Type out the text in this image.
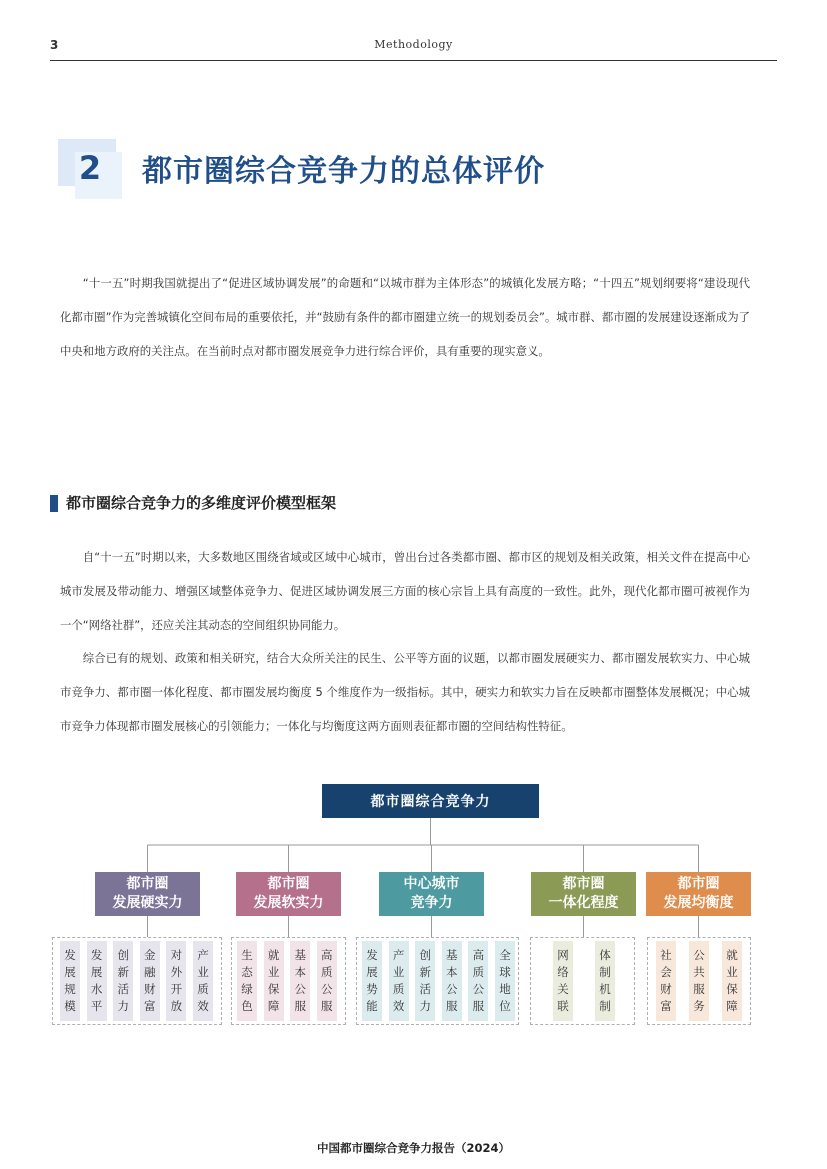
3	Methodology
2	都市圈综合竞争力的总体评价

“十一五”时期我国就提出了“促进区域协调发展”的命题和“以城市群为主体形态”的城镇化发展方略；“十四五”规划纲要将“建设现代化都市圈”作为完善城镇化空间布局的重要依托，并“鼓励有条件的都市圈建立统一的规划委员会”。城市群、都市圈的发展建设逐渐成为了中央和地方政府的关注点。在当前时点对都市圈发展竞争力进行综合评价，具有重要的现实意义。

都市圈综合竞争力的多维度评价模型框架

自“十一五”时期以来，大多数地区围绕省域或区域中心城市，曾出台过各类都市圈、都市区的规划及相关政策，相关文件在提高中心城市发展及带动能力、增强区域整体竞争力、促进区域协调发展三方面的核心宗旨上具有高度的一致性。此外，现代化都市圈可被视作为一个“网络社群”，还应关注其动态的空间组织协同能力。

综合已有的规划、政策和相关研究，结合大众所关注的民生、公平等方面的议题，以都市圈发展硬实力、都市圈发展软实力、中心城市竞争力、都市圈一体化程度、都市圈发展均衡度 5 个维度作为一级指标。其中，硬实力和软实力旨在反映都市圈整体发展概况；中心城市竞争力体现都市圈发展核心的引领能力；一体化与均衡度这两方面则表征都市圈的空间结构性特征。

都市圈综合竞争力
都市圈
发展硬实力
发展规模
发展水平
创新活力
金融财富
对外开放
产业质效
都市圈
发展软实力
生态绿色
就业保障
基本公服
高质公服
中心城市
竞争力
发展势能
产业质效
创新活力
基本公服
高质公服
全球地位
都市圈
一体化程度
网络关联
体制机制
都市圈
发展均衡度
社会财富
公共服务
就业保障
中国都市圈综合竞争力报告（2024）
